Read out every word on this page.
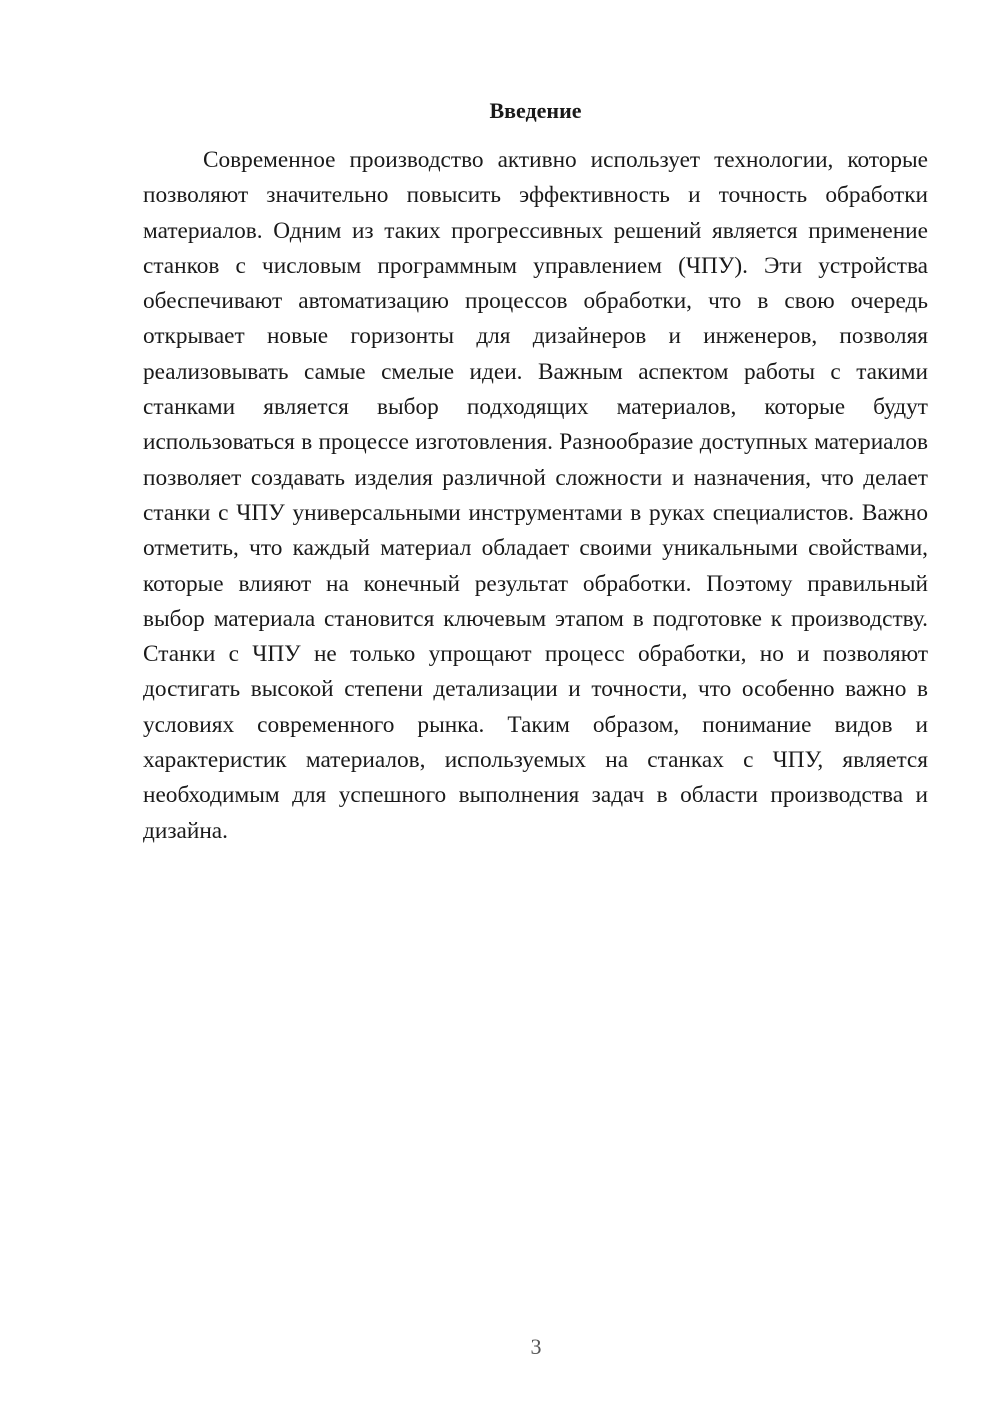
Введение

Современное производство активно использует технологии, которые позволяют значительно повысить эффективность и точность обработки материалов. Одним из таких прогрессивных решений является применение станков с числовым программным управлением (ЧПУ). Эти устройства обеспечивают автоматизацию процессов обработки, что в свою очередь открывает новые горизонты для дизайнеров и инженеров, позволяя реализовывать самые смелые идеи. Важным аспектом работы с такими станками является выбор подходящих материалов, которые будут использоваться в процессе изготовления. Разнообразие доступных материалов позволяет создавать изделия различной сложности и назначения, что делает станки с ЧПУ универсальными инструментами в руках специалистов. Важно отметить, что каждый материал обладает своими уникальными свойствами, которые влияют на конечный результат обработки. Поэтому правильный выбор материала становится ключевым этапом в подготовке к производству. Станки с ЧПУ не только упрощают процесс обработки, но и позволяют достигать высокой степени детализации и точности, что особенно важно в условиях современного рынка. Таким образом, понимание видов и характеристик материалов, используемых на станках с ЧПУ, является необходимым для успешного выполнения задач в области производства и дизайна.

3
